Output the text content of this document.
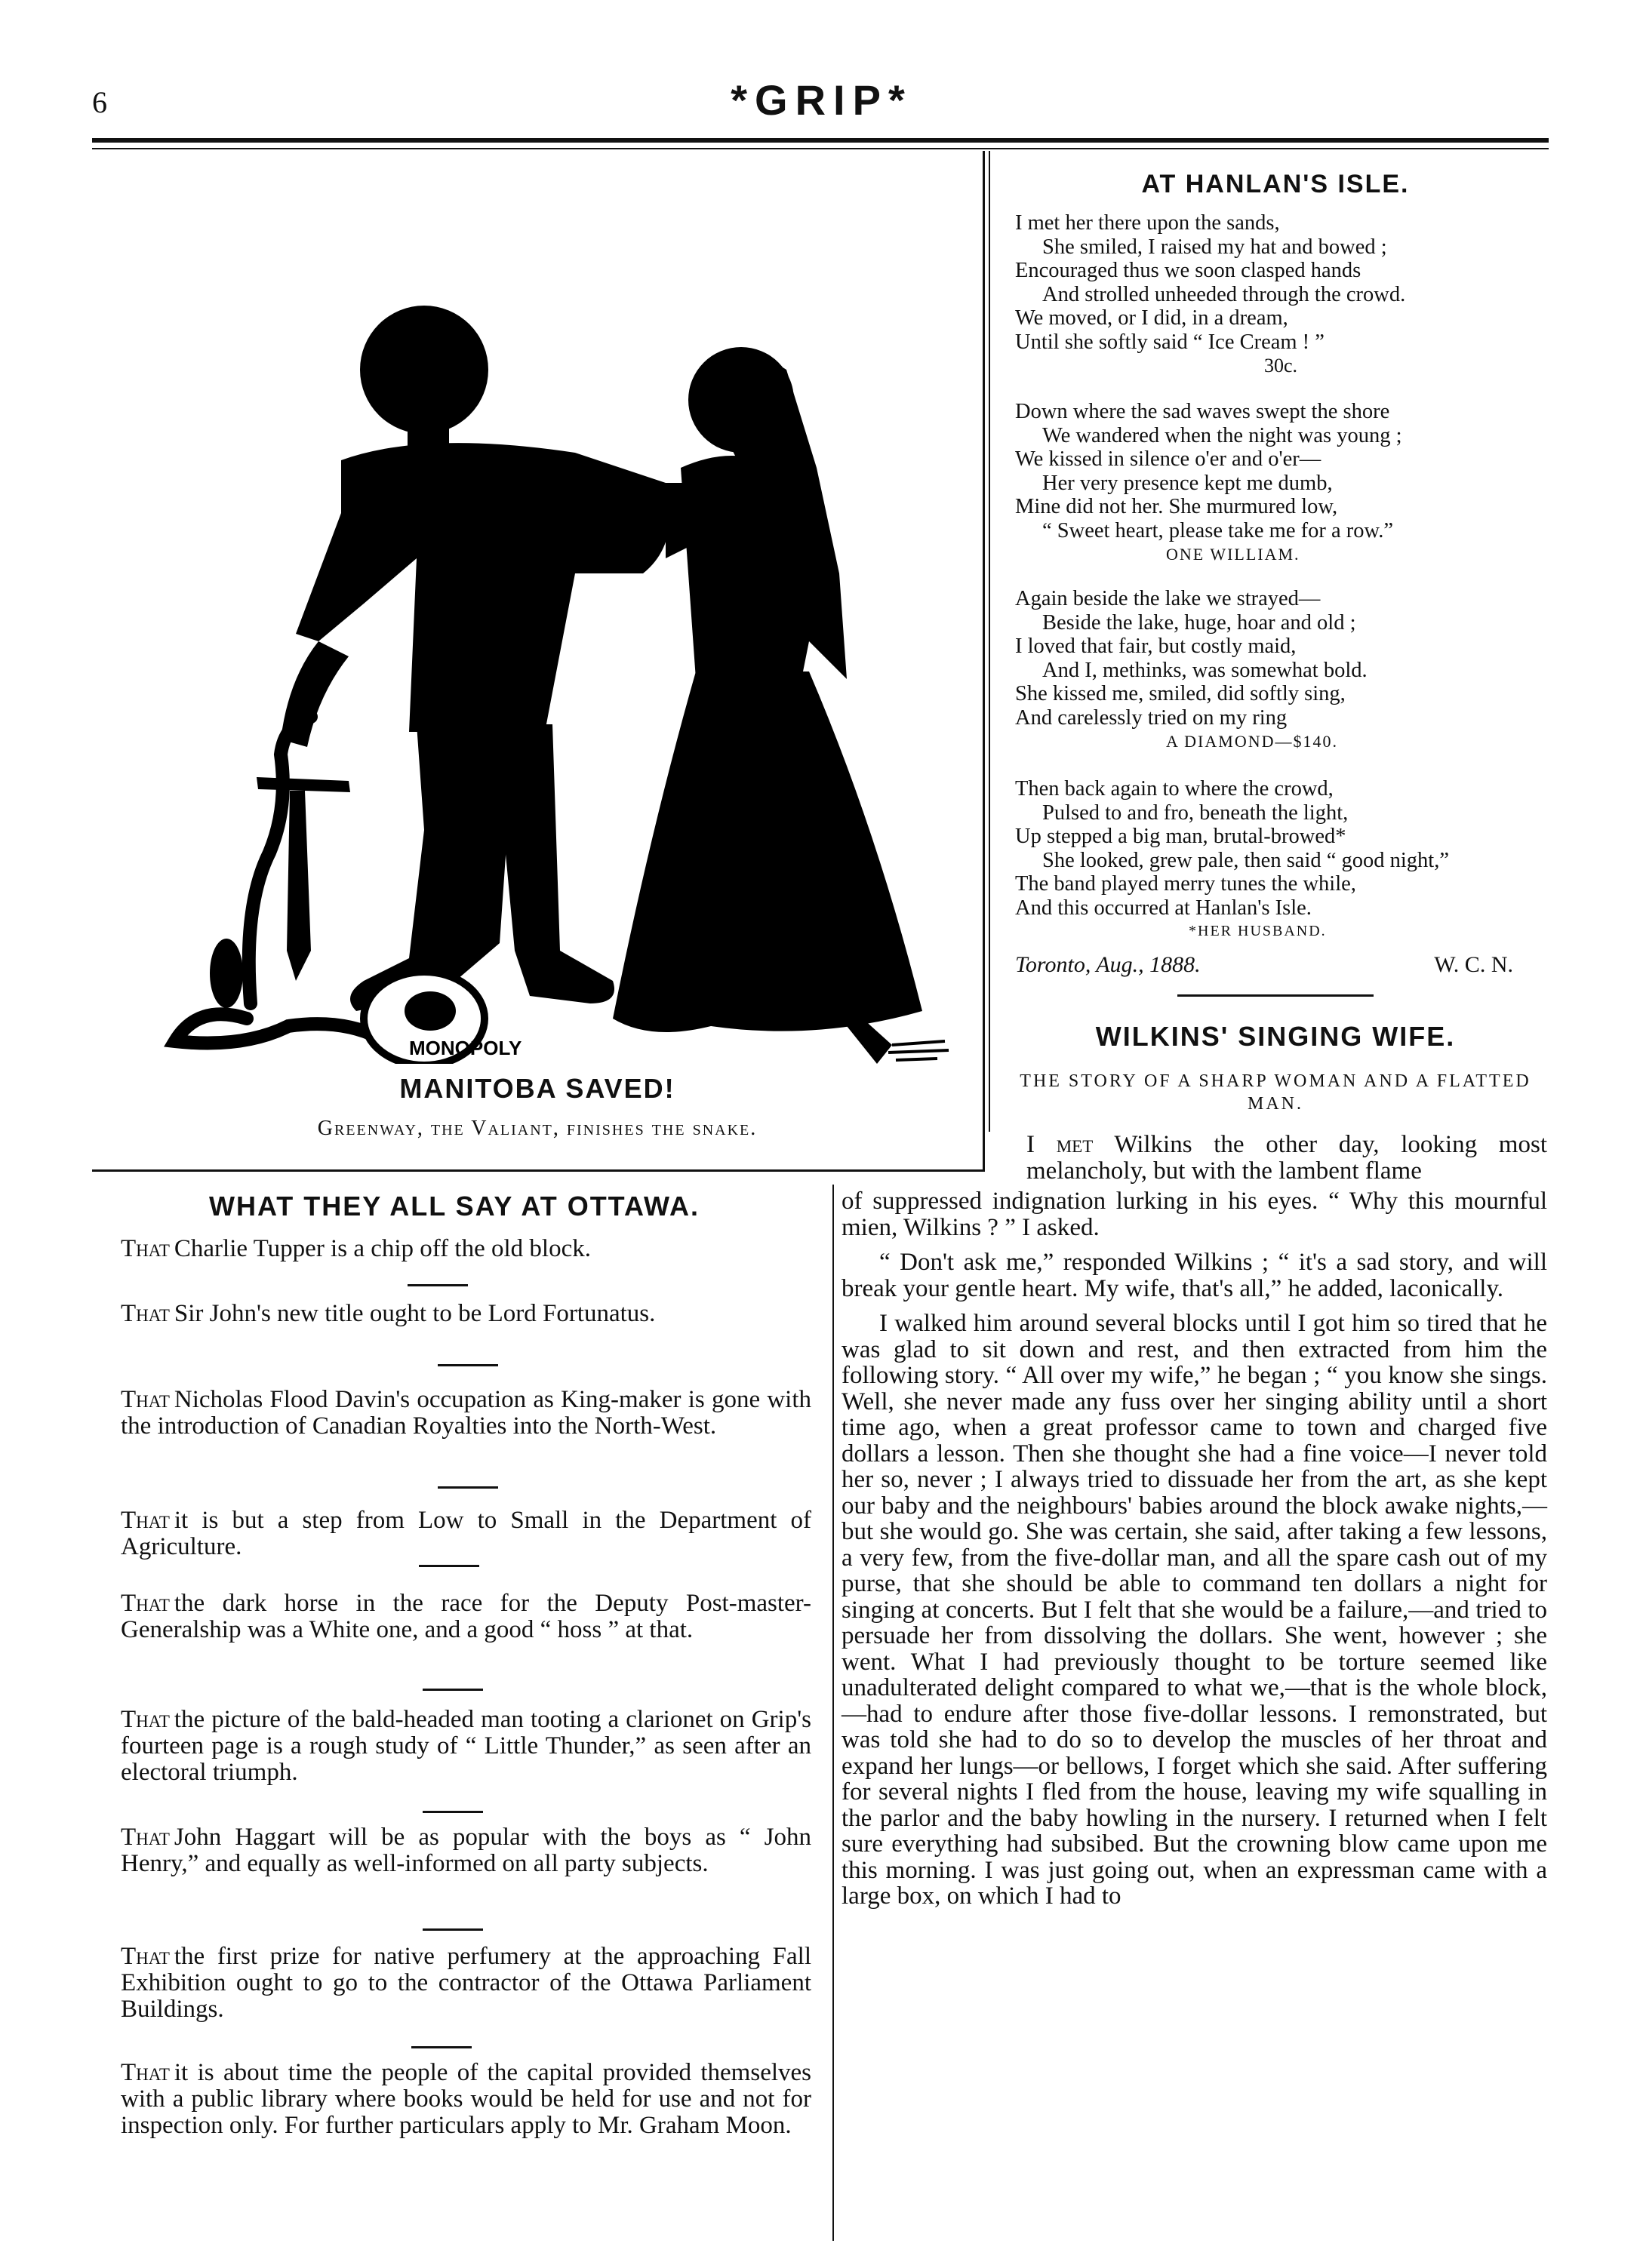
6	*GRIP*
MONOPOLY
MANITOBA SAVED!
Greenway, the Valiant, finishes the snake.
AT HANLAN'S ISLE.
I met her there upon the sands,
She smiled, I raised my hat and bowed ;
Encouraged thus we soon clasped hands
And strolled unheeded through the crowd.
We moved, or I did, in a dream,
Until she softly said “ Ice Cream ! ”
30c.
Down where the sad waves swept the shore
We wandered when the night was young ;
We kissed in silence o'er and o'er—
Her very presence kept me dumb,
Mine did not her. She murmured low,
“ Sweet heart, please take me for a row.”
ONE WILLIAM.
Again beside the lake we strayed—
Beside the lake, huge, hoar and old ;
I loved that fair, but costly maid,
And I, methinks, was somewhat bold.
She kissed me, smiled, did softly sing,
And carelessly tried on my ring
A DIAMOND—$140.
Then back again to where the crowd,
Pulsed to and fro, beneath the light,
Up stepped a big man, brutal-browed*
She looked, grew pale, then said “ good night,”
The band played merry tunes the while,
And this occurred at Hanlan's Isle.
*HER HUSBAND.
Toronto, Aug., 1888.	W. C. N.
WILKINS' SINGING WIFE.
THE STORY OF A SHARP WOMAN AND A FLATTED MAN.

I met Wilkins the other day, looking most melancholy, but with the lambent flame

of suppressed indignation lurking in his eyes. “ Why this mournful mien, Wilkins ? ” I asked.

“ Don't ask me,” responded Wilkins ; “ it's a sad story, and will break your gentle heart. My wife, that's all,” he added, laconically.

I walked him around several blocks until I got him so tired that he was glad to sit down and rest, and then extracted from him the following story. “ All over my wife,” he began ; “ you know she sings. Well, she never made any fuss over her singing ability until a short time ago, when a great professor came to town and charged five dollars a lesson. Then she thought she had a fine voice—I never told her so, never ; I always tried to dissuade her from the art, as she kept our baby and the neighbours' babies around the block awake nights,—but she would go. She was certain, she said, after taking a few lessons, a very few, from the five-dollar man, and all the spare cash out of my purse, that she should be able to command ten dollars a night for singing at concerts. But I felt that she would be a failure,—and tried to persuade her from dissolving the dollars. She went, however ; she went. What I had previously thought to be torture seemed like unadulterated delight compared to what we,—that is the whole block,—had to endure after those five-dollar lessons. I remonstrated, but was told she had to do so to develop the muscles of her throat and expand her lungs—or bellows, I forget which she said. After suffering for several nights I fled from the house, leaving my wife squalling in the parlor and the baby howling in the nursery. I returned when I felt sure everything had subsibed. But the crowning blow came upon me this morning. I was just going out, when an expressman came with a large box, on which I had to

WHAT THEY ALL SAY AT OTTAWA.
That Charlie Tupper is a chip off the old block.
That Sir John's new title ought to be Lord Fortunatus.
That Nicholas Flood Davin's occupation as King-maker is gone with the introduction of Canadian Royalties into the North-West.
That it is but a step from Low to Small in the Department of Agriculture.
That the dark horse in the race for the Deputy Post-master-Generalship was a White one, and a good “ hoss ” at that.
That the picture of the bald-headed man tooting a clarionet on Grip's fourteen page is a rough study of “ Little Thunder,” as seen after an electoral triumph.
That John Haggart will be as popular with the boys as “ John Henry,” and equally as well-informed on all party subjects.
That the first prize for native perfumery at the approaching Fall Exhibition ought to go to the contractor of the Ottawa Parliament Buildings.
That it is about time the people of the capital provided themselves with a public library where books would be held for use and not for inspection only. For further particulars apply to Mr. Graham Moon.
